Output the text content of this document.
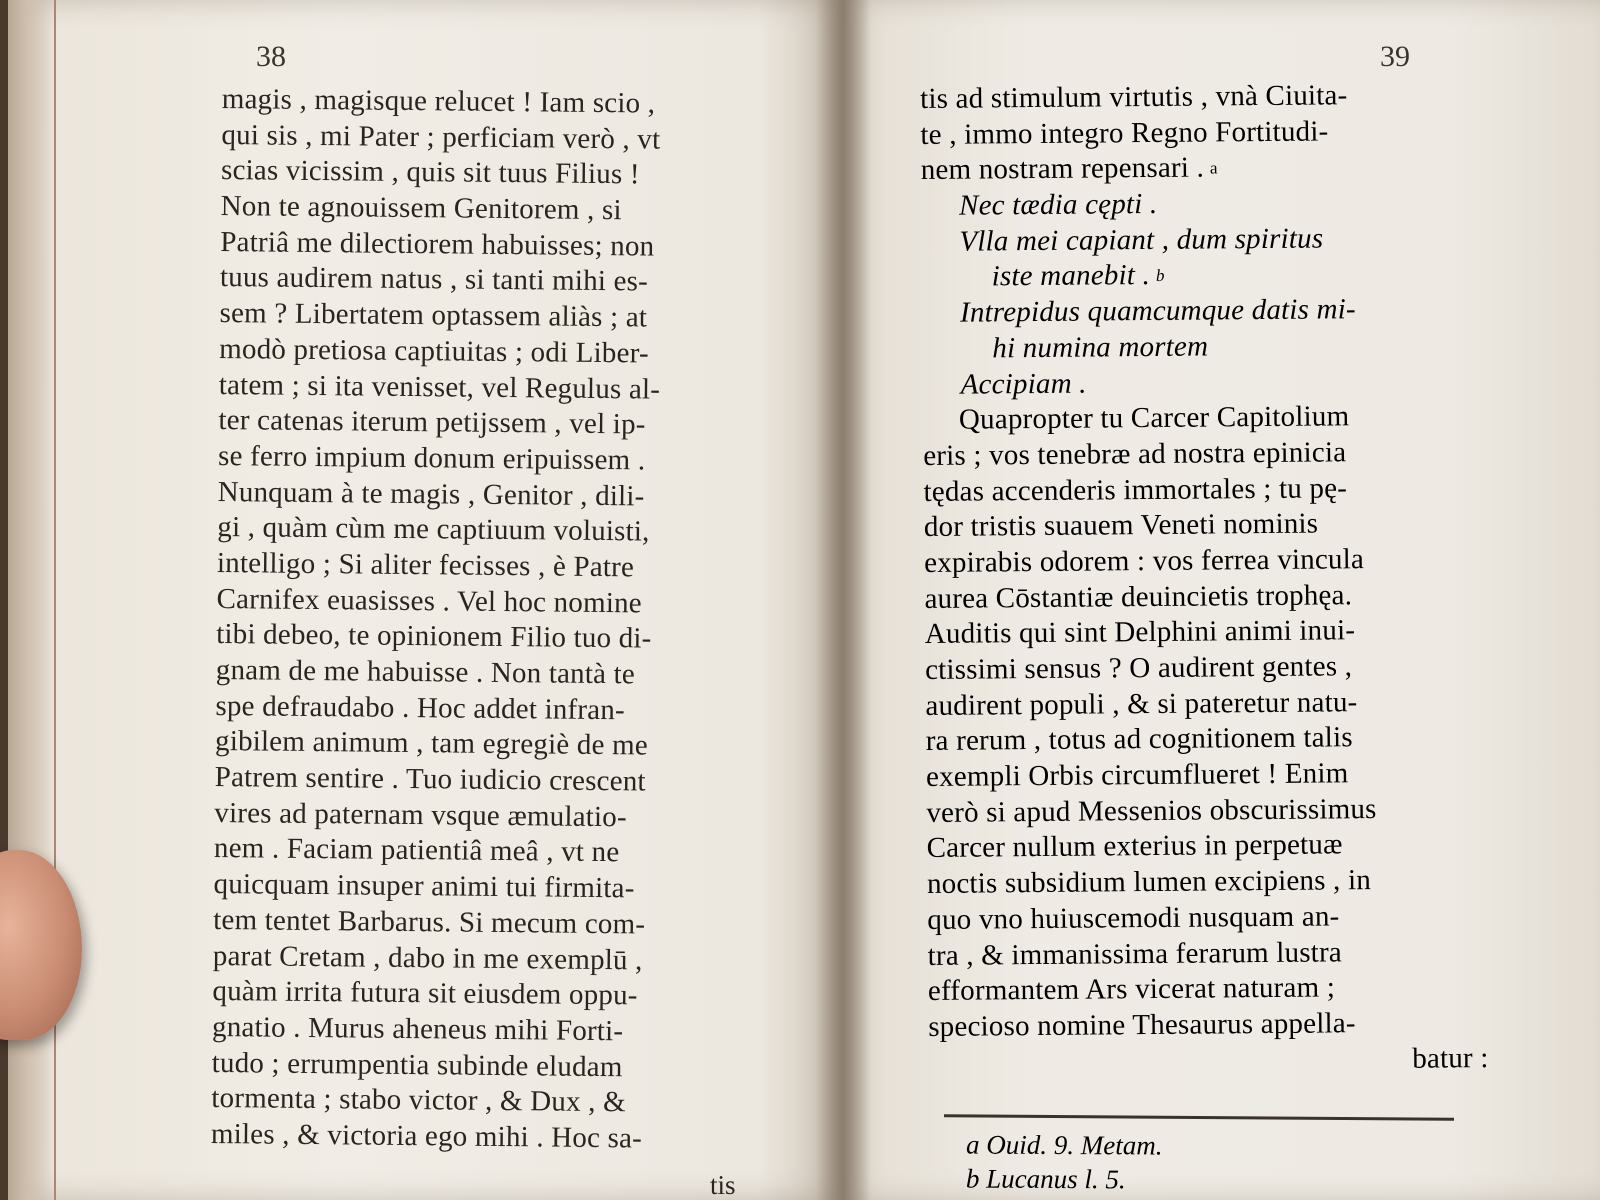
38
magis , magisque relucet ! Iam scio ,
qui sis , mi Pater ; perficiam verò , vt
scias vicissim , quis sit tuus Filius !
Non te agnouissem Genitorem , si
Patriâ me dilectiorem habuisses; non
tuus audirem natus , si tanti mihi es-
sem ? Libertatem optassem aliàs ; at
modò pretiosa captiuitas ; odi Liber-
tatem ; si ita venisset, vel Regulus al-
ter catenas iterum petijssem , vel ip-
se ferro impium donum eripuissem .
Nunquam à te magis , Genitor , dili-
gi , quàm cùm me captiuum voluisti,
intelligo ; Si aliter fecisses , è Patre
Carnifex euasisses . Vel hoc nomine
tibi debeo, te opinionem Filio tuo di-
gnam de me habuisse . Non tantà te
spe defraudabo . Hoc addet infran-
gibilem animum , tam egregiè de me
Patrem sentire . Tuo iudicio crescent
vires ad paternam vsque æmulatio-
nem . Faciam patientiâ meâ , vt ne
quicquam insuper animi tui firmita-
tem tentet Barbarus. Si mecum com-
parat Cretam , dabo in me exemplū ,
quàm irrita futura sit eiusdem oppu-
gnatio . Murus aheneus mihi Forti-
tudo ; errumpentia subinde eludam
tormenta ; stabo victor , & Dux , &
miles , & victoria ego mihi . Hoc sa-
tis
39
tis ad stimulum virtutis , vnà Ciuita-
te , immo integro Regno Fortitudi-
nem nostram repensari . $^a$
Nec tædia cępti .
Vlla mei capiant , dum spiritus
iste manebit . $^b$
Intrepidus quamcumque datis mi-
hi numina mortem
Accipiam .
Quapropter tu Carcer Capitolium
eris ; vos tenebræ ad nostra epinicia
tędas accenderis immortales ; tu pę-
dor tristis suauem Veneti nominis
expirabis odorem : vos ferrea vincula
aurea Cōstantiæ deuincietis trophęa.
Auditis qui sint Delphini animi inui-
ctissimi sensus ? O audirent gentes ,
audirent populi , & si pateretur natu-
ra rerum , totus ad cognitionem talis
exempli Orbis circumflueret ! Enim
verò si apud Messenios obscurissimus
Carcer nullum exterius in perpetuæ
noctis subsidium lumen excipiens , in
quo vno huiuscemodi nusquam an-
tra , & immanissima ferarum lustra
efformantem Ars vicerat naturam ;
specioso nomine Thesaurus appella-
batur :
a Ouid. 9. Metam.
b Lucanus l. 5.
